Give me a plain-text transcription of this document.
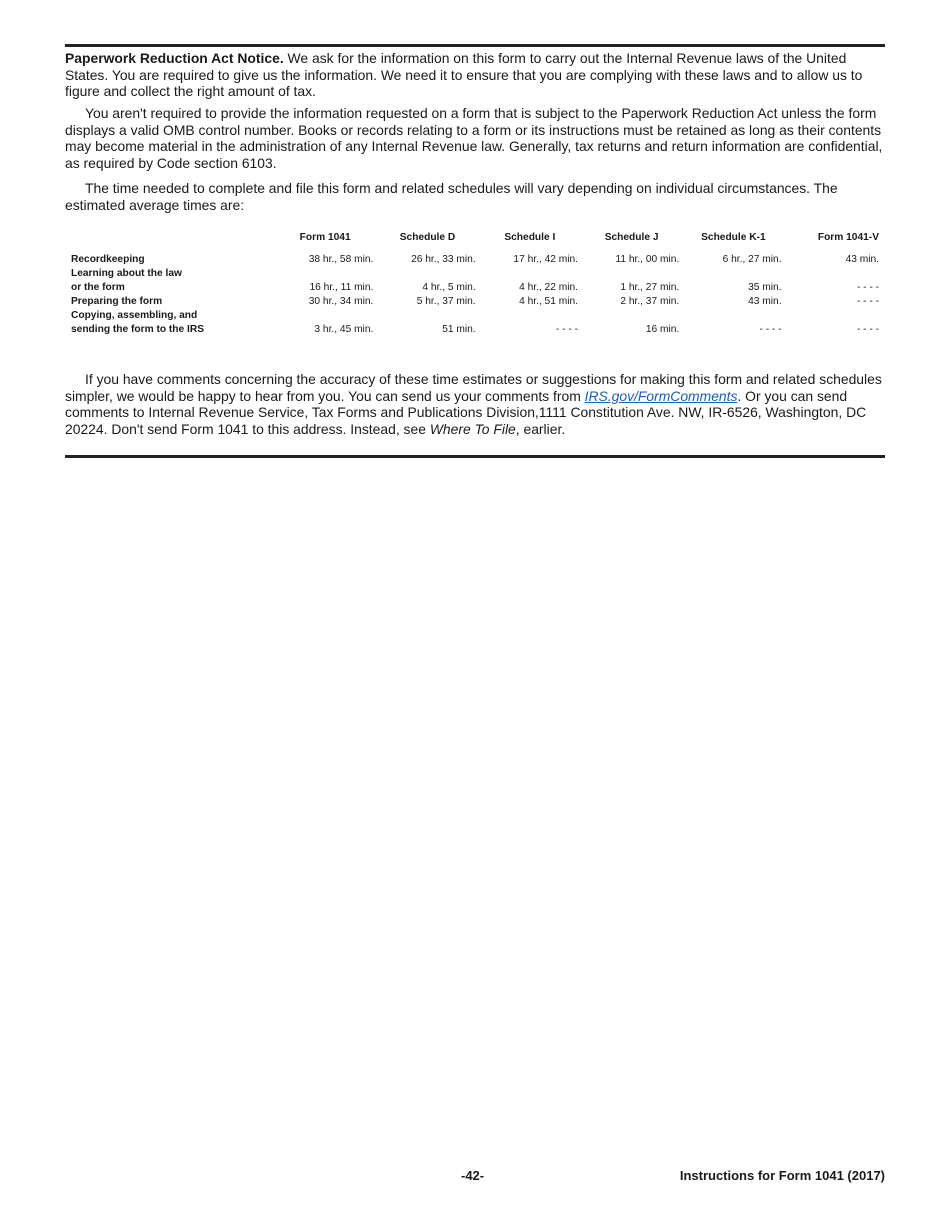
Paperwork Reduction Act Notice. We ask for the information on this form to carry out the Internal Revenue laws of the United States. You are required to give us the information. We need it to ensure that you are complying with these laws and to allow us to figure and collect the right amount of tax.

You aren't required to provide the information requested on a form that is subject to the Paperwork Reduction Act unless the form displays a valid OMB control number. Books or records relating to a form or its instructions must be retained as long as their contents may become material in the administration of any Internal Revenue law. Generally, tax returns and return information are confidential, as required by Code section 6103.

The time needed to complete and file this form and related schedules will vary depending on individual circumstances. The estimated average times are:

	Form 1041	Schedule D	Schedule I	Schedule J	Schedule K-1	Form 1041-V
Recordkeeping	38 hr., 58 min.	26 hr., 33 min.	17 hr., 42 min.	11 hr., 00 min.	6 hr., 27 min.	43 min.
Learning about the law						
or the form	16 hr., 11 min.	4 hr., 5 min.	4 hr., 22 min.	1 hr., 27 min.	35 min.	- - - -
Preparing the form	30 hr., 34 min.	5 hr., 37 min.	4 hr., 51 min.	2 hr., 37 min.	43 min.	- - - -
Copying, assembling, and						
sending the form to the IRS	3 hr., 45 min.	51 min.	- - - -	16 min.	- - - -	- - - -

If you have comments concerning the accuracy of these time estimates or suggestions for making this form and related schedules simpler, we would be happy to hear from you. You can send us your comments from IRS.gov/FormComments. Or you can send comments to Internal Revenue Service, Tax Forms and Publications Division,1111 Constitution Ave. NW, IR-6526, Washington, DC 20224. Don't send Form 1041 to this address. Instead, see Where To File, earlier.

-42-	Instructions for Form 1041 (2017)
